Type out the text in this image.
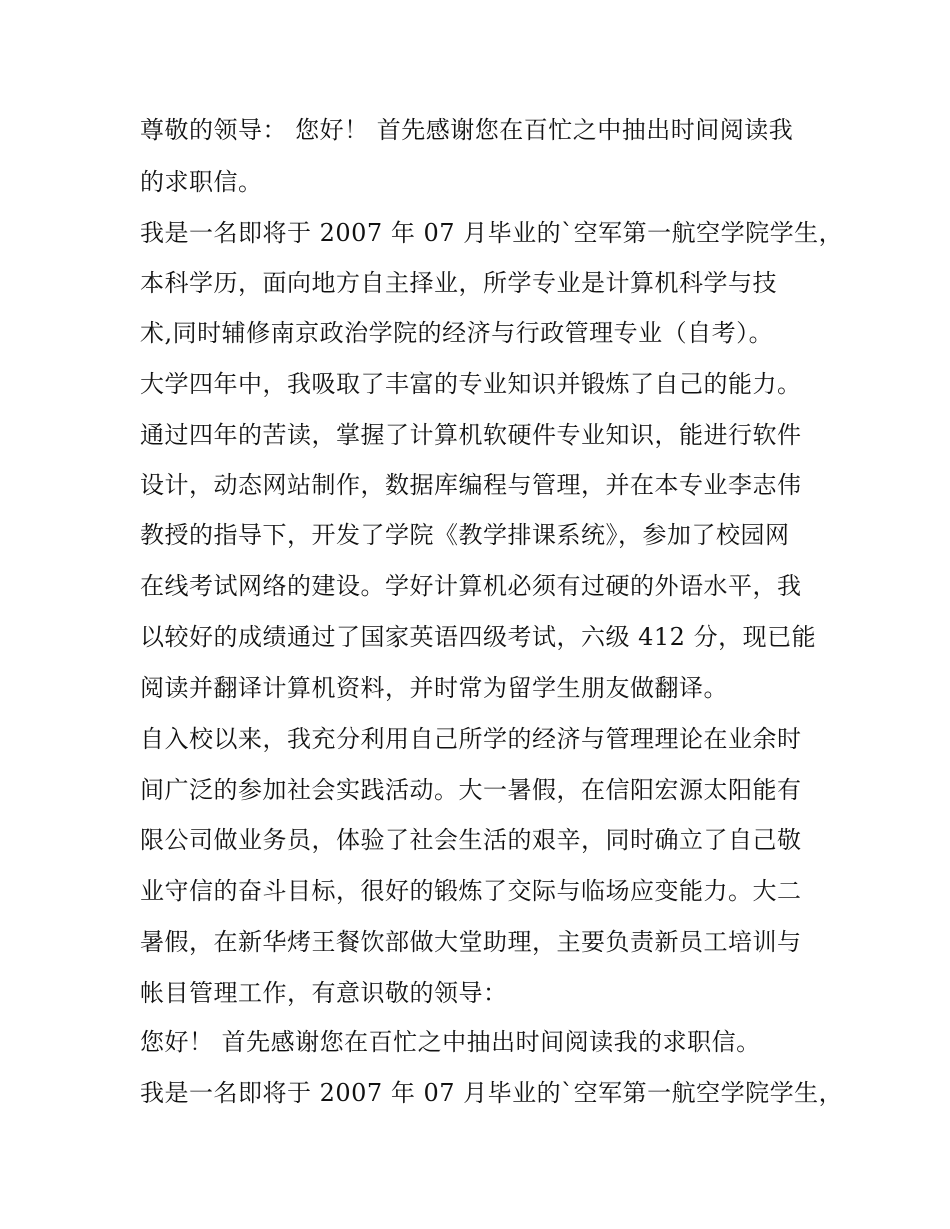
尊敬的领导： 您好！ 首先感谢您在百忙之中抽出时间阅读我
的求职信。
我是一名即将于 2007 年 07 月毕业的`空军第一航空学院学生，
本科学历，面向地方自主择业，所学专业是计算机科学与技
术,同时辅修南京政治学院的经济与行政管理专业（自考）。
大学四年中，我吸取了丰富的专业知识并锻炼了自己的能力。
通过四年的苦读，掌握了计算机软硬件专业知识，能进行软件
设计，动态网站制作，数据库编程与管理，并在本专业李志伟
教授的指导下，开发了学院《教学排课系统》，参加了校园网
在线考试网络的建设。学好计算机必须有过硬的外语水平，我
以较好的成绩通过了国家英语四级考试，六级 412 分，现已能
阅读并翻译计算机资料，并时常为留学生朋友做翻译。
自入校以来，我充分利用自己所学的经济与管理理论在业余时
间广泛的参加社会实践活动。大一暑假，在信阳宏源太阳能有
限公司做业务员，体验了社会生活的艰辛，同时确立了自己敬
业守信的奋斗目标，很好的锻炼了交际与临场应变能力。大二
暑假，在新华烤王餐饮部做大堂助理，主要负责新员工培训与
帐目管理工作，有意识敬的领导：
您好！ 首先感谢您在百忙之中抽出时间阅读我的求职信。
我是一名即将于 2007 年 07 月毕业的`空军第一航空学院学生，
